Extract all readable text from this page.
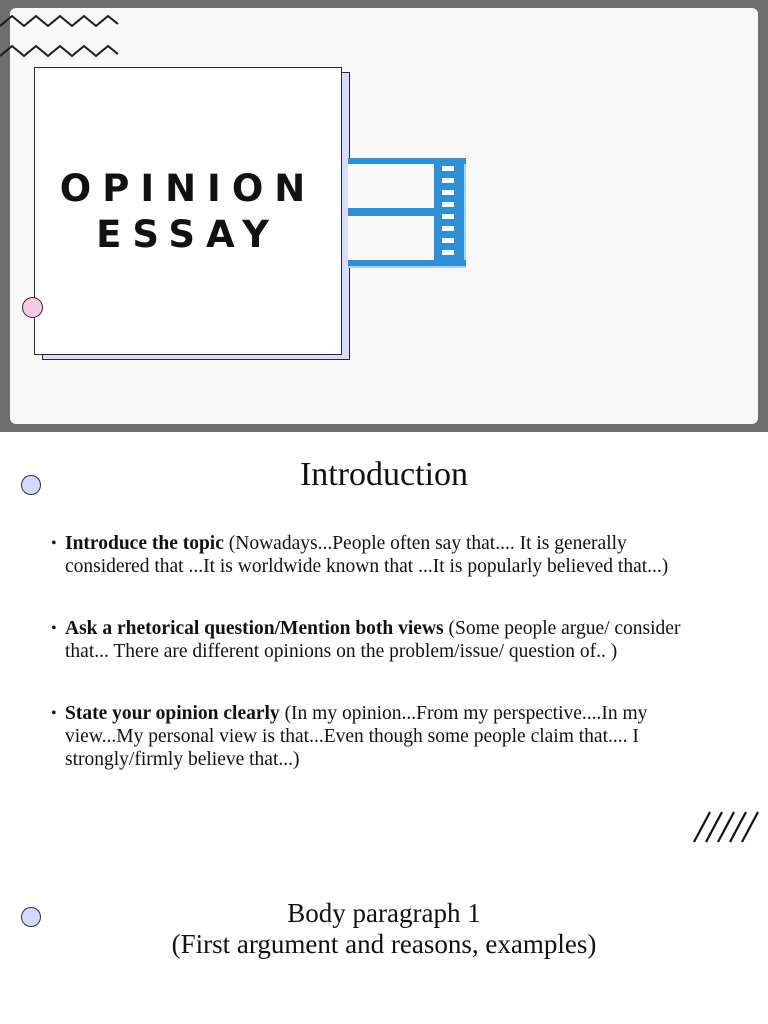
OPINION
ESSAY
Introduction
• Introduce the topic (Nowadays...People often say that.... It is generally considered that ...It is worldwide known that ...It is popularly believed that...)
• Ask a rhetorical question/Mention both views (Some people argue/ consider that... There are different opinions on the problem/issue/ question of.. )
• State your opinion clearly (In my opinion...From my perspective....In my view...My personal view is that...Even though some people claim that.... I strongly/firmly believe that...)
Body paragraph 1
(First argument and reasons, examples)
